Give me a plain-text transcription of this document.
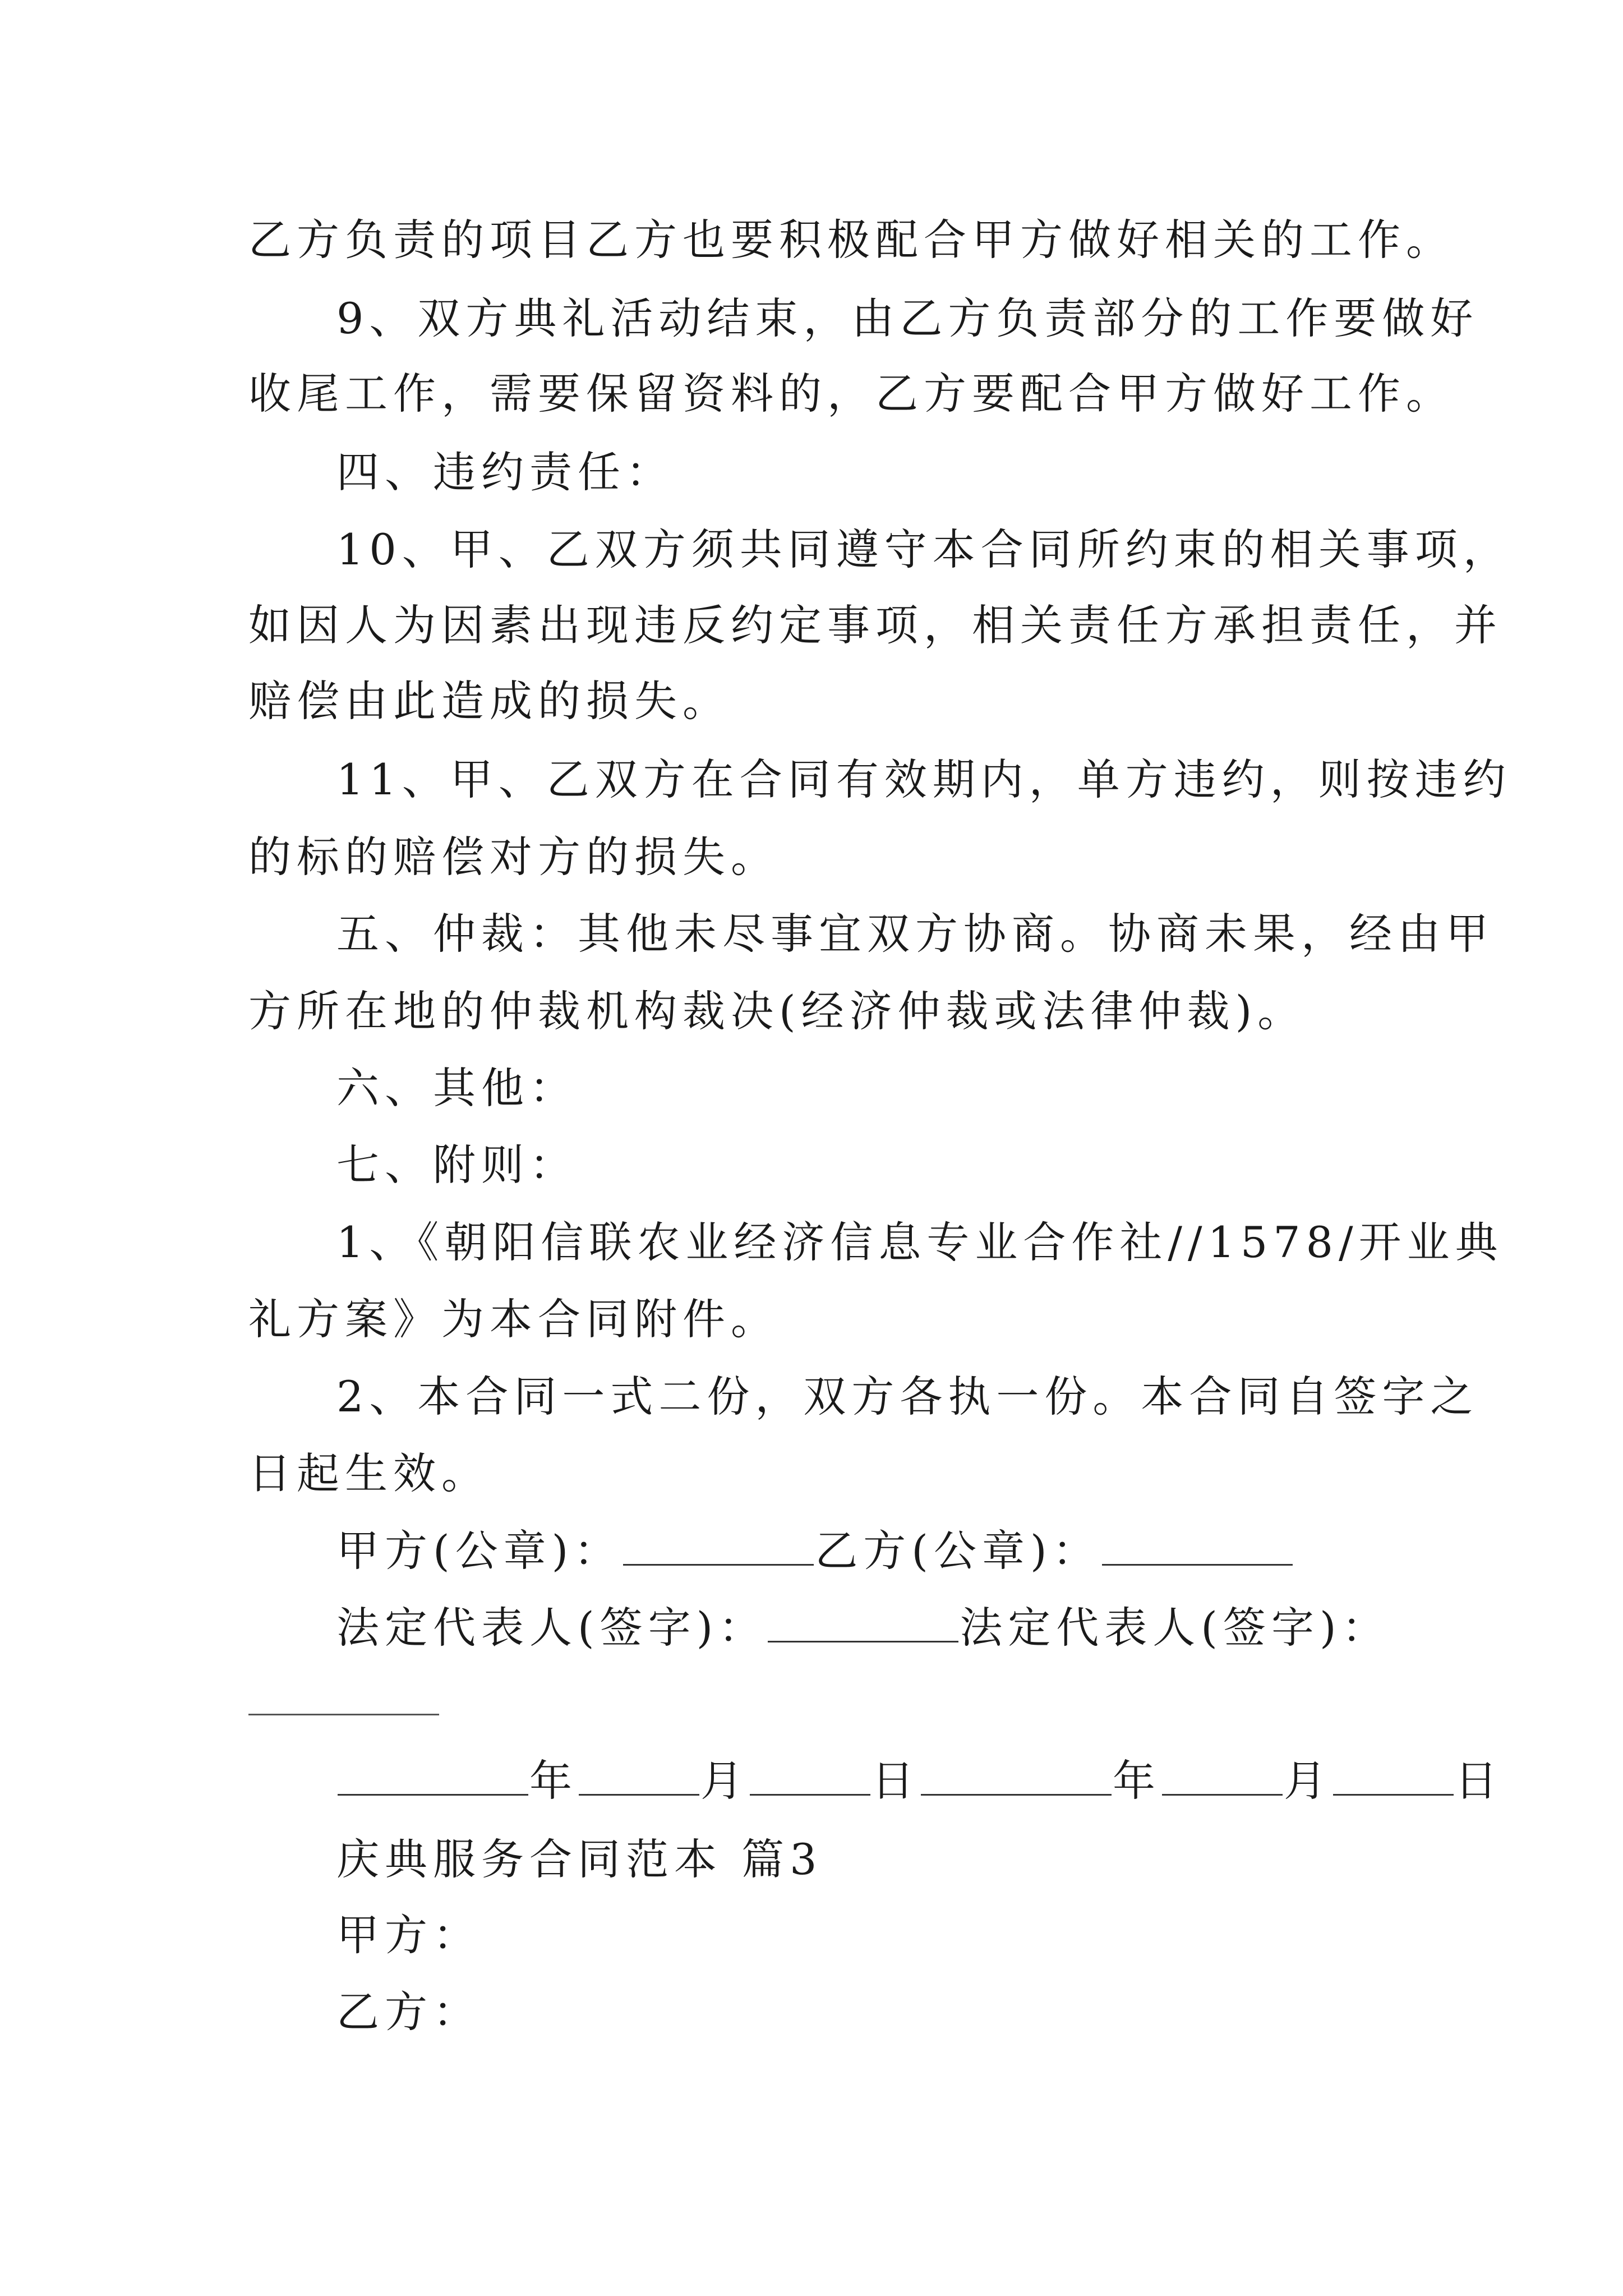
乙方负责的项目乙方也要积极配合甲方做好相关的工作。
9、双方典礼活动结束，由乙方负责部分的工作要做好
收尾工作，需要保留资料的，乙方要配合甲方做好工作。
四、违约责任：
10、甲、乙双方须共同遵守本合同所约束的相关事项，
如因人为因素出现违反约定事项，相关责任方承担责任，并
赔偿由此造成的损失。
11、甲、乙双方在合同有效期内，单方违约，则按违约
的标的赔偿对方的损失。
五、仲裁：其他未尽事宜双方协商。协商未果，经由甲
方所在地的仲裁机构裁决(经济仲裁或法律仲裁)。
六、其他：
七、附则：
1、《朝阳信联农业经济信息专业合作社//1578/开业典
礼方案》为本合同附件。
2、本合同一式二份，双方各执一份。本合同自签字之
日起生效。
甲方(公章)：	乙方(公章)：
法定代表人(签字)：	法定代表人(签字)：
年	月	日	年	月	日
庆典服务合同范本 篇3
甲方：
乙方：
